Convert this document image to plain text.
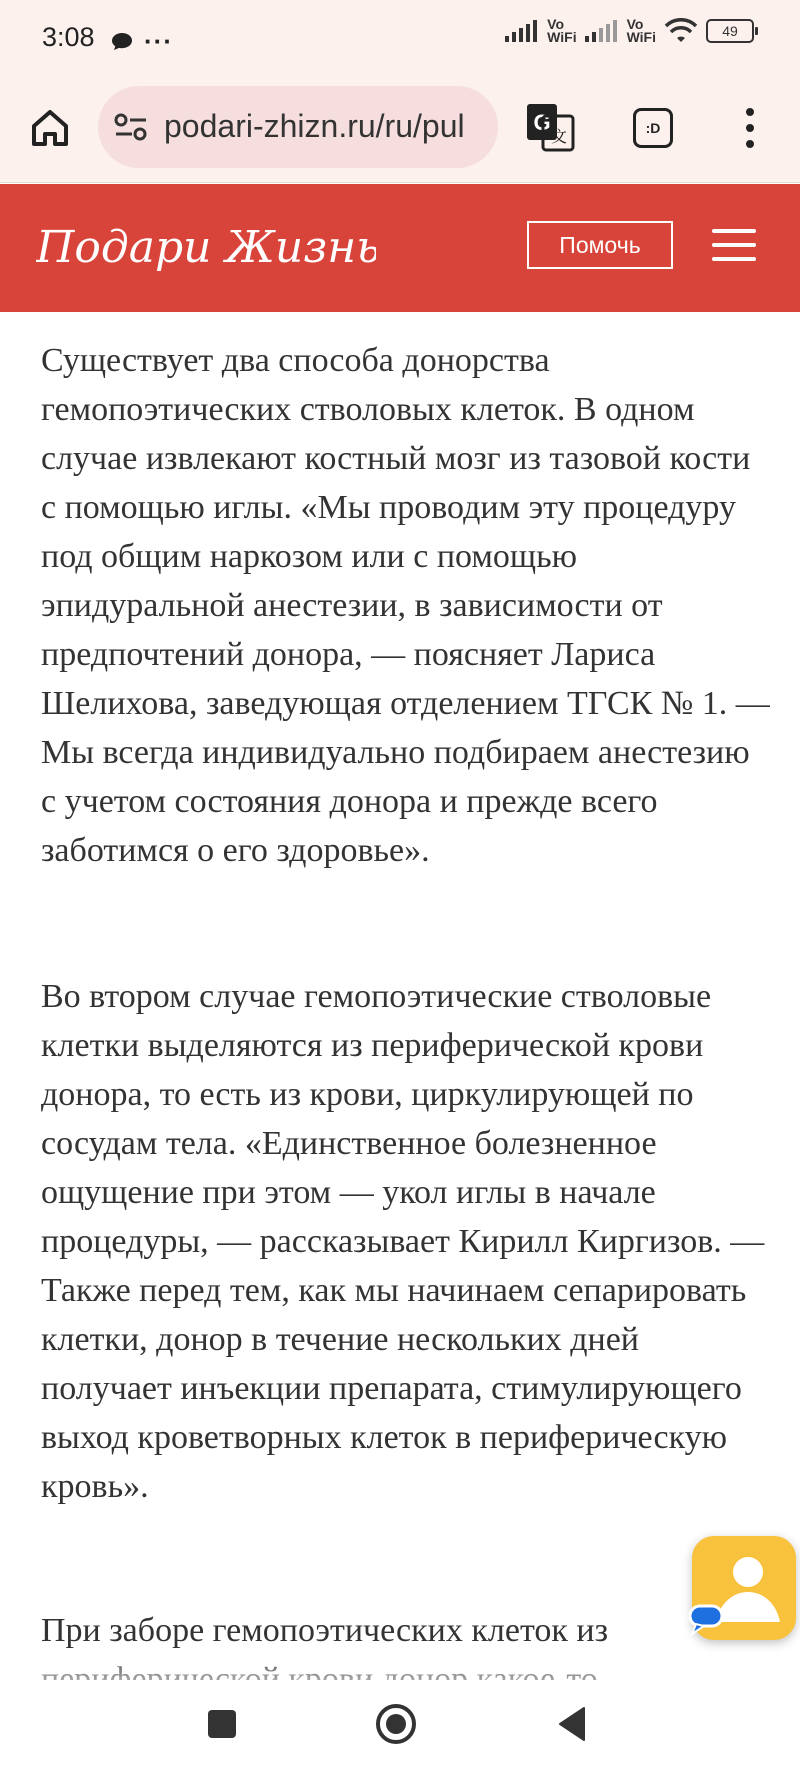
3:08 ···
Vo
WiFi
Vo
WiFi	49
podari-zhizn.ru/ru/pul	G
文
:D
Подари Жизнь	Помочь

Существует два способа донорства гемопоэтических стволовых клеток. В одном случае извлекают костный мозг из тазовой кости с помощью иглы. «Мы проводим эту процедуру под общим наркозом или с помощью эпидуральной анестезии, в зависимости от предпочтений донора, — поясняет Лариса Шелихова, заведующая отделением ТГСК № 1. — Мы всегда индивидуально подбираем анестезию с учетом состояния донора и прежде всего заботимся о его здоровье».

Во втором случае гемопоэтические стволовые клетки выделяются из периферической крови донора, то есть из крови, циркулирующей по сосудам тела. «Единственное болезненное ощущение при этом — укол иглы в начале процедуры, — рассказывает Кирилл Киргизов. — Также перед тем, как мы начинаем сепарировать клетки, донор в течение нескольких дней получает инъекции препарата, стимулирующего выход кроветворных клеток в периферическую кровь».

При заборе гемопоэтических клеток из
